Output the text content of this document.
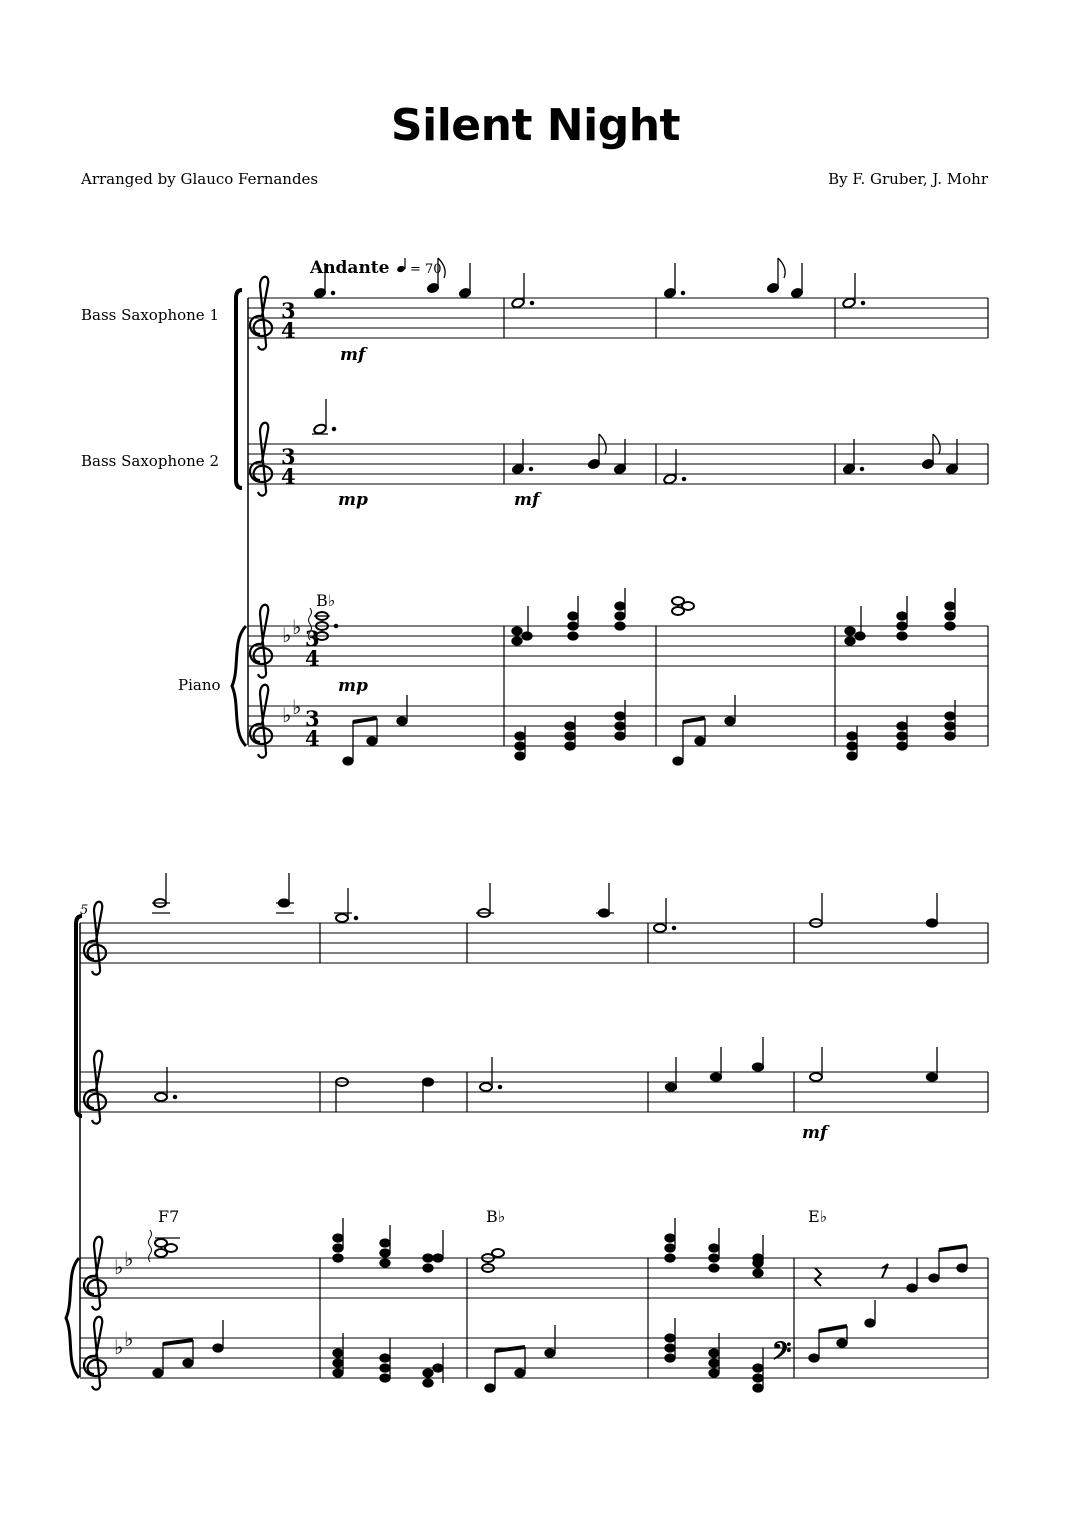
Silent Night
Arranged by Glauco Fernandes	By F. Gruber, J. Mohr
Andante = 70
Bass Saxophone 1
Bass Saxophone 2
Piano
♭ ♭
♭ ♭
3
4
3
4
3
4
3
4
mf
mp	mf
mp
B♭
5
♭ ♭
♭ ♭
mf
F7	B♭	E♭
𝄢
